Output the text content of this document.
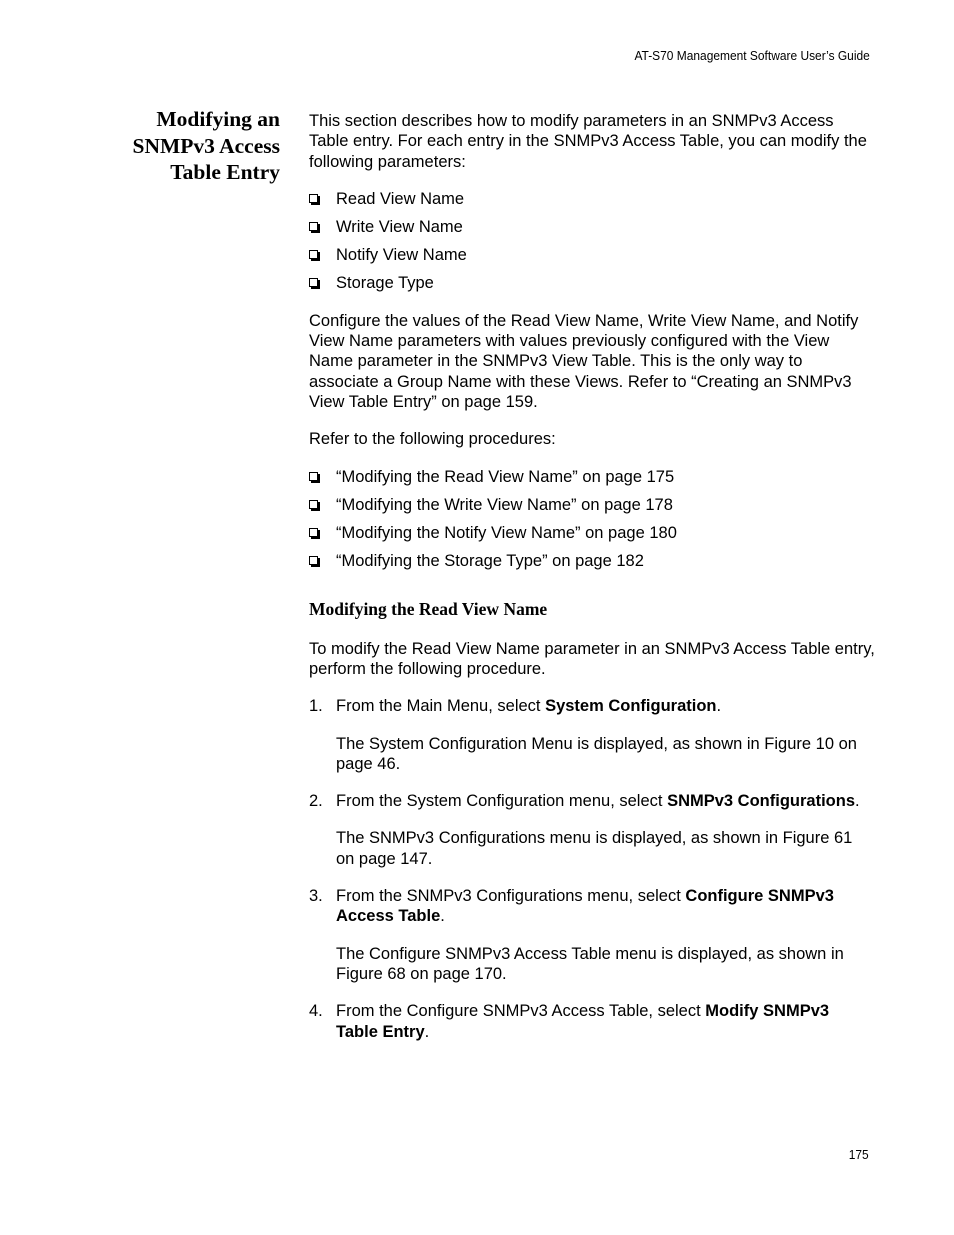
AT-S70 Management Software User’s Guide
Modifying an
SNMPv3 Access
Table Entry

This section describes how to modify parameters in an SNMPv3 Access Table entry. For each entry in the SNMPv3 Access Table, you can modify the following parameters:

Read View Name
Write View Name
Notify View Name
Storage Type

Configure the values of the Read View Name, Write View Name, and Notify View Name parameters with values previously configured with the View Name parameter in the SNMPv3 View Table. This is the only way to associate a Group Name with these Views. Refer to “Creating an SNMPv3 View Table Entry” on page 159.

Refer to the following procedures:

“Modifying the Read View Name” on page 175
“Modifying the Write View Name” on page 178
“Modifying the Notify View Name” on page 180
“Modifying the Storage Type” on page 182
Modifying the Read View Name

To modify the Read View Name parameter in an SNMPv3 Access Table entry, perform the following procedure.

1. From the Main Menu, select System Configuration.

The System Configuration Menu is displayed, as shown in Figure 10 on page 46.

2. From the System Configuration menu, select SNMPv3 Configurations.

The SNMPv3 Configurations menu is displayed, as shown in Figure 61 on page 147.

3. From the SNMPv3 Configurations menu, select Configure SNMPv3 Access Table.

The Configure SNMPv3 Access Table menu is displayed, as shown in Figure 68 on page 170.

4. From the Configure SNMPv3 Access Table, select Modify SNMPv3 Table Entry.

175
